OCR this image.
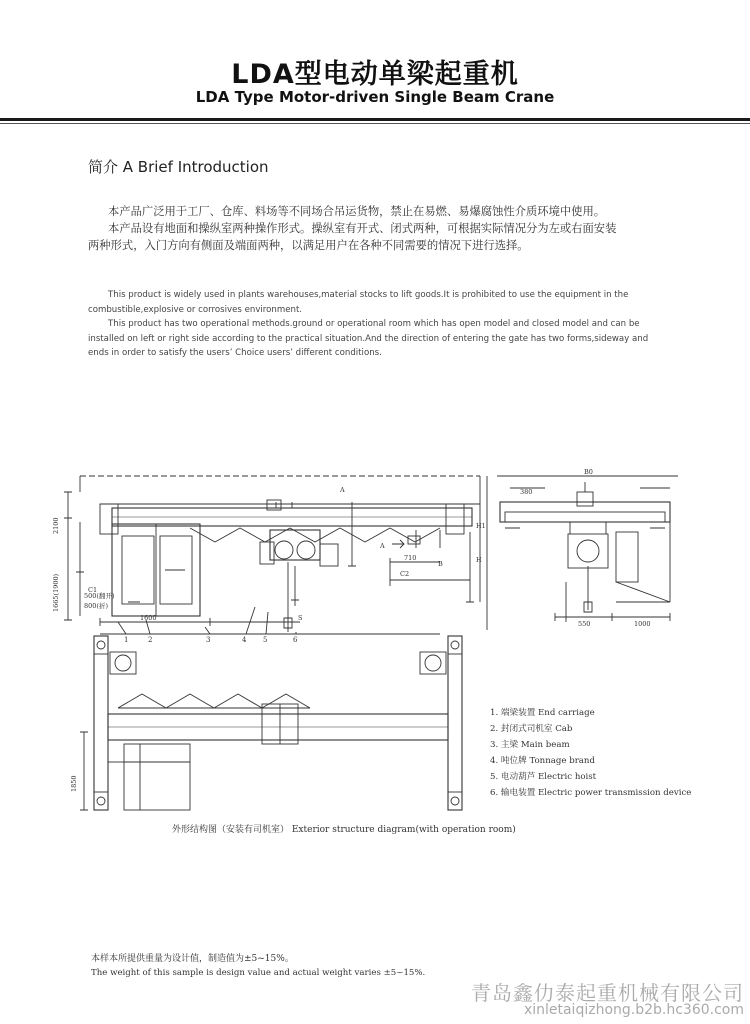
LDA型电动单梁起重机
LDA Type Motor-driven Single Beam Crane
简介 A Brief Introduction
本产品广泛用于工厂、仓库、料场等不同场合吊运货物，禁止在易燃、易爆腐蚀性介质环境中使用。
本产品设有地面和操纵室两种操作形式。操纵室有开式、闭式两种，可根据实际情况分为左或右面安装
两种形式，入门方向有侧面及端面两种，以满足用户在各种不同需要的情况下进行选择。
This product is widely used in plants warehouses,material stocks to lift goods.It is prohibited to use the equipment in the
combustible,explosive or corrosives environment.
This product has two operational methods.ground or operational room which has open model and closed model and can be
installed on left or right side according to the practical situation.And the direction of entering the gate has two forms,sideway and
ends in order to satisfy the users’ Choice users’ different conditions.
2100
1665(1900)	C1
500(翻开)
800(折)
1600	S
C2
710
H1
H
A
A
B
B0
380
550	1000
1850
1	2	3	4 5	6
1. 端梁装置 End carriage
2. 封闭式司机室 Cab
3. 主梁 Main beam
4. 吨位牌 Tonnage brand
5. 电动葫芦 Electric hoist
6. 输电装置 Electric power transmission device
外形结构图（安装有司机室） Exterior structure diagram(with operation room)
本样本所提供重量为设计值，制造值为±5~15%。
The weight of this sample is design value and actual weight varies ±5~15%.
青岛鑫仂泰起重机械有限公司
xinletaiqizhong.b2b.hc360.com
